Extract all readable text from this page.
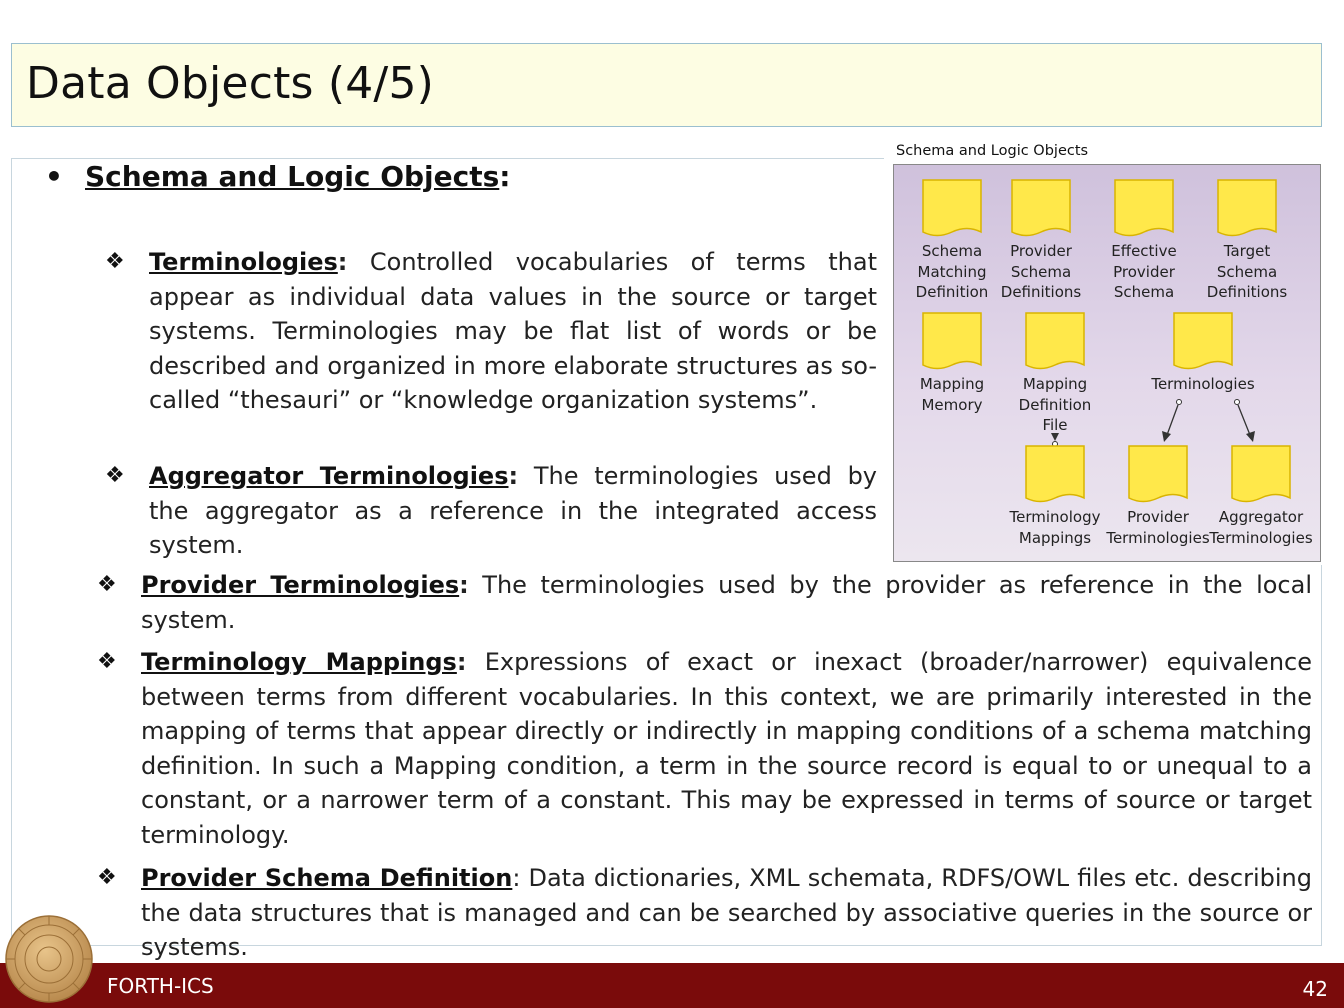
Data Objects (4/5)
• Schema and Logic Objects:
❖ Terminologies: Controlled vocabularies of terms that appear as individual data values in the source or target systems. Terminologies may be flat list of words or be described and organized in more elaborate structures as so-called “thesauri” or “knowledge organization systems”.
❖ Aggregator Terminologies: The terminologies used by the aggregator as a reference in the integrated access system.
❖ Provider Terminologies: The terminologies used by the provider as reference in the local system.
❖ Terminology Mappings: Expressions of exact or inexact (broader/narrower) equivalence between terms from different vocabularies. In this context, we are primarily interested in the mapping of terms that appear directly or indirectly in mapping conditions of a schema matching definition. In such a Mapping condition, a term in the source record is equal to or unequal to a constant, or a narrower term of a constant. This may be expressed in terms of source or target terminology.
❖ Provider Schema Definition: Data dictionaries, XML schemata, RDFS/OWL files etc. describing the data structures that is managed and can be searched by associative queries in the source or systems.
Schema and Logic Objects
Schema
Matching
Definition
Provider
Schema
Definitions
Effective
Provider
Schema
Target
Schema
Definitions
Mapping
Memory
Mapping
Definition
File
Terminologies
Terminology
Mappings
Provider
Terminologies
Aggregator
Terminologies
FORTH-ICS	42
